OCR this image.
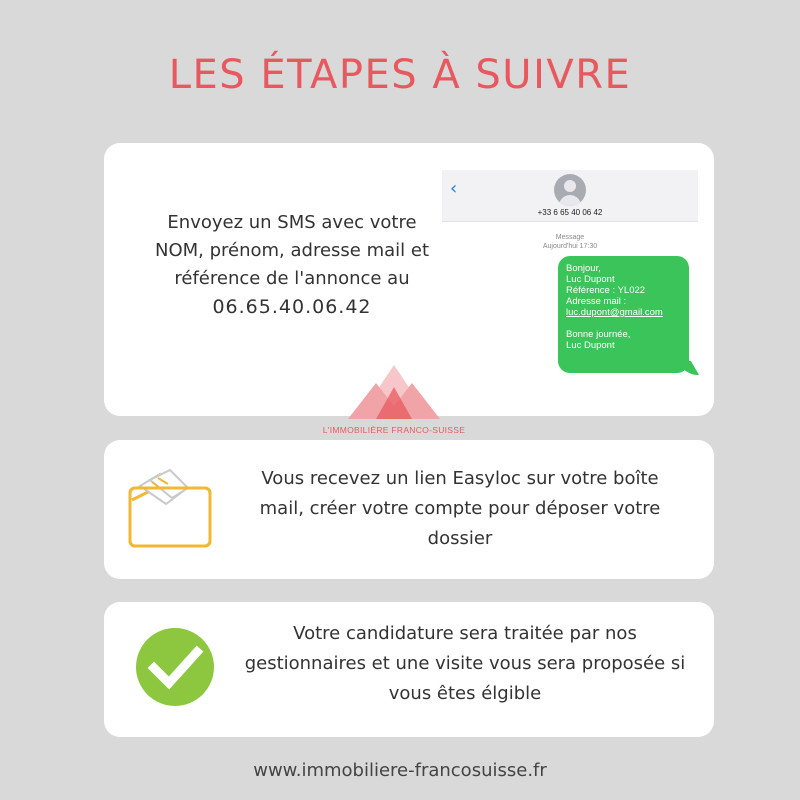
LES ÉTAPES À SUIVRE
Envoyez un SMS avec votre
NOM, prénom, adresse mail et
référence de l'annonce au
06.65.40.06.42
‹
+33 6 65 40 06 42
Message
Aujourd'hui 17:30
Bonjour,
Luc Dupont
Référence : YL022
Adresse mail :
luc.dupont@gmail.com
Bonne journée,
Luc Dupont
L'IMMOBILIÈRE FRANCO-SUISSE
Vous recevez un lien Easyloc sur votre boîte mail, créer votre compte pour déposer votre dossier
Votre candidature sera traitée par nos gestionnaires et une visite vous sera proposée si vous êtes élgible
www.immobiliere-francosuisse.fr
